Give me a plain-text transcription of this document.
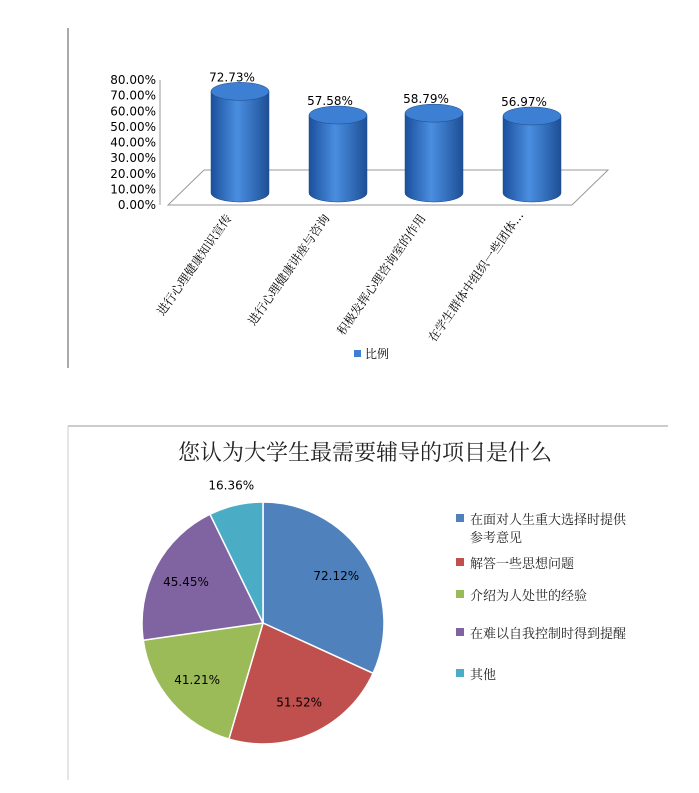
0.00%
10.00%
20.00%
30.00%
40.00%
50.00%
60.00%
70.00%
80.00%	72.73%
57.58%	58.79%	56.97%
进行心理健康知识宣传 进行心理健康讲座与咨询 积极发挥心理咨询室的作用
在学生群体中组织一些团体…
比例
您认为大学生最需要辅导的项目是什么
72.12%
51.52%
41.21%
45.45%
16.36%
在面对人生重大选择时提供
参考意见
解答一些思想问题
介绍为人处世的经验
在难以自我控制时得到提醒
其他
